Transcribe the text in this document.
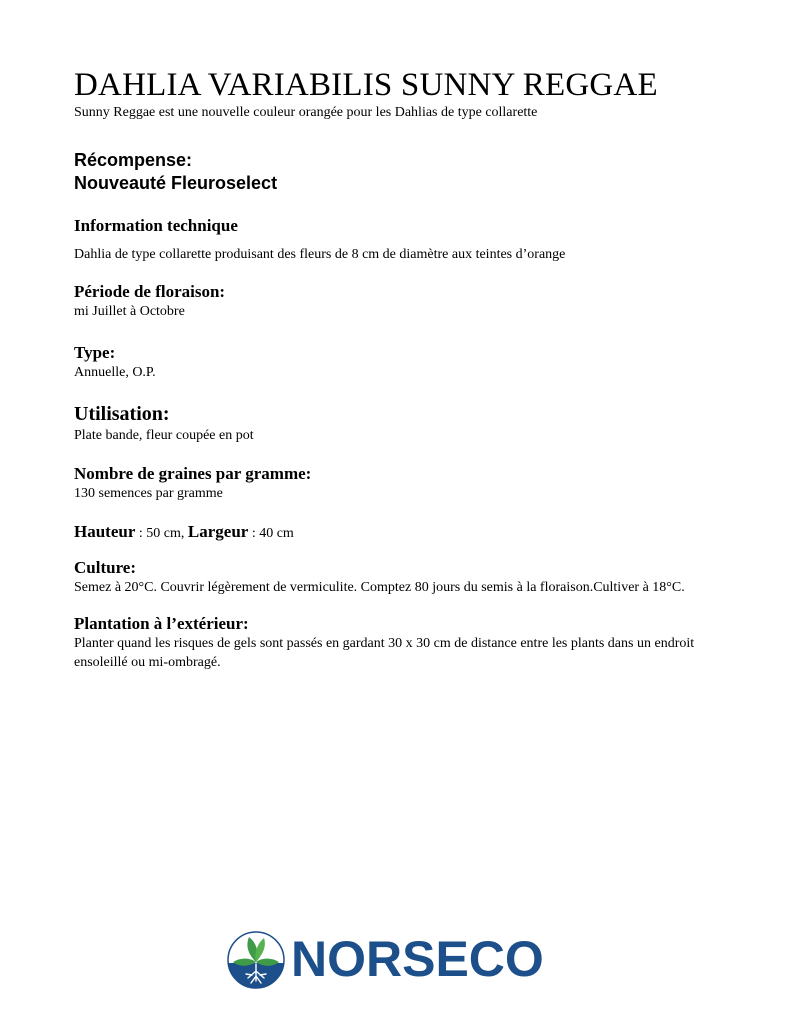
DAHLIA VARIABILIS SUNNY REGGAE

Sunny Reggae est une nouvelle couleur orangée pour les Dahlias de type collarette

Récompense:
Nouveauté Fleuroselect
Information technique
Dahlia de type collarette produisant des fleurs de 8 cm de diamètre aux teintes d’orange
Période de floraison:
mi Juillet à Octobre
Type:
Annuelle, O.P.
Utilisation:
Plate bande, fleur coupée en pot
Nombre de graines par gramme:
130 semences par gramme
Hauteur : 50 cm, Largeur : 40 cm
Culture:
Semez à 20°C. Couvrir légèrement de vermiculite. Comptez 80 jours du semis à la floraison.Cultiver à 18°C.
Plantation à l’extérieur:
Planter quand les risques de gels sont passés en gardant 30 x 30 cm de distance entre les plants dans un endroit ensoleillé ou mi-ombragé.
NORSECO
